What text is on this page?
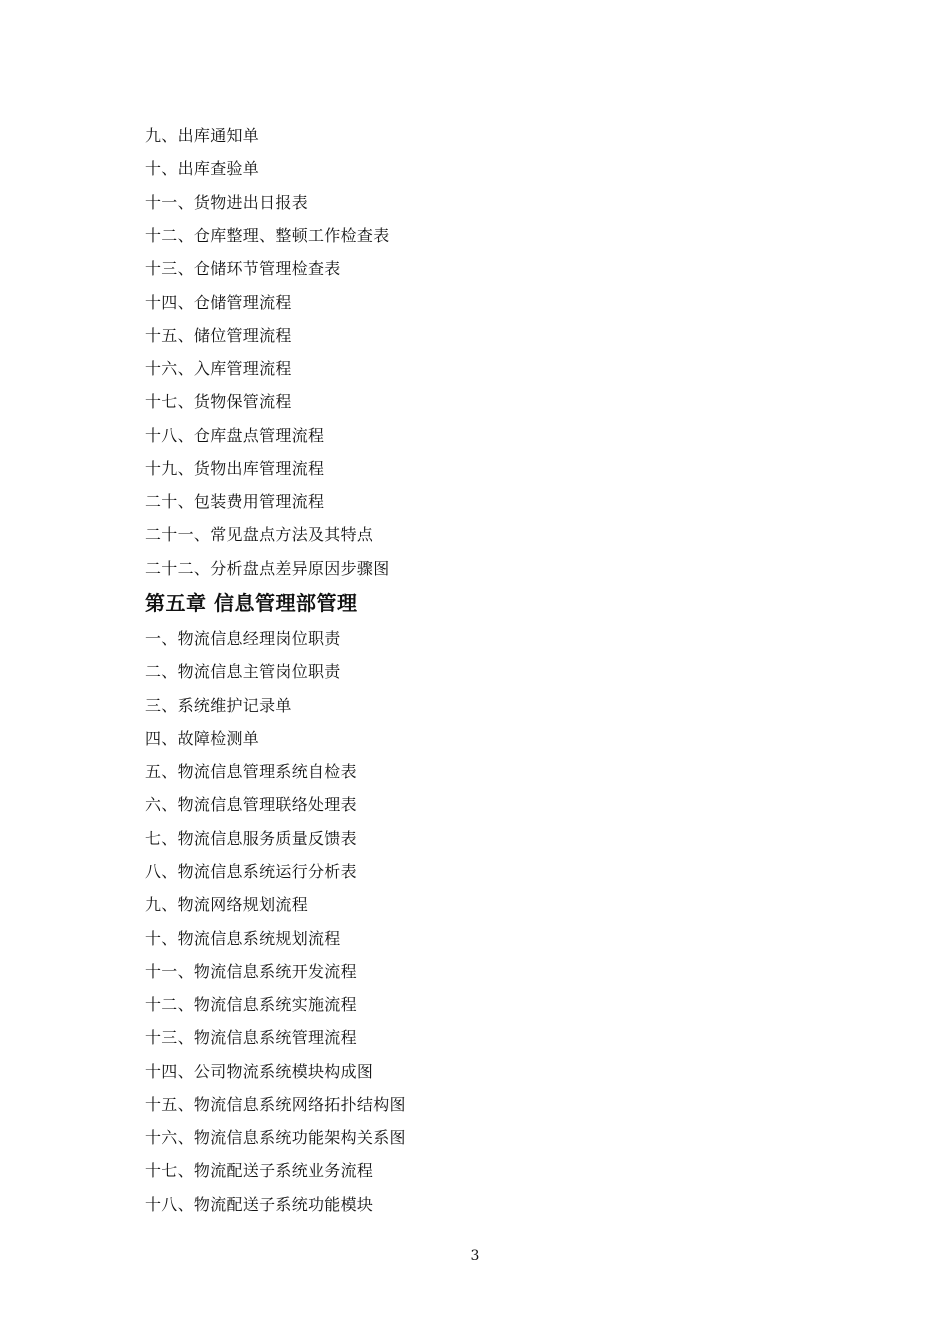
九、出库通知单
十、出库查验单
十一、货物进出日报表
十二、仓库整理、整顿工作检查表
十三、仓储环节管理检查表
十四、仓储管理流程
十五、储位管理流程
十六、入库管理流程
十七、货物保管流程
十八、仓库盘点管理流程
十九、货物出库管理流程
二十、包装费用管理流程
二十一、常见盘点方法及其特点
二十二、分析盘点差异原因步骤图
第五章 信息管理部管理
一、物流信息经理岗位职责
二、物流信息主管岗位职责
三、系统维护记录单
四、故障检测单
五、物流信息管理系统自检表
六、物流信息管理联络处理表
七、物流信息服务质量反馈表
八、物流信息系统运行分析表
九、物流网络规划流程
十、物流信息系统规划流程
十一、物流信息系统开发流程
十二、物流信息系统实施流程
十三、物流信息系统管理流程
十四、公司物流系统模块构成图
十五、物流信息系统网络拓扑结构图
十六、物流信息系统功能架构关系图
十七、物流配送子系统业务流程
十八、物流配送子系统功能模块
3
